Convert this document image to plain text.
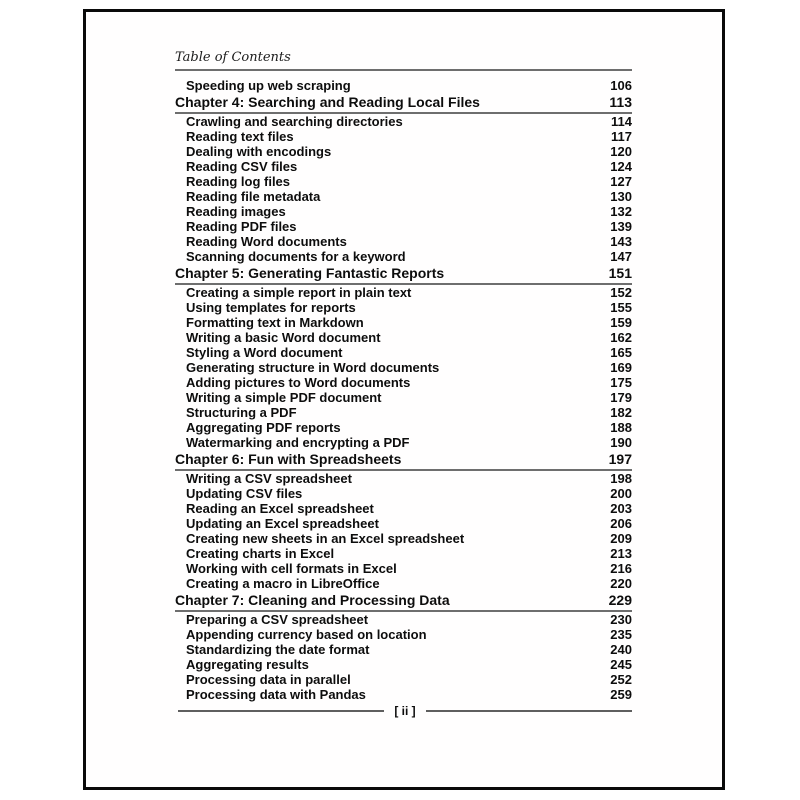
Table of Contents
Speeding up web scraping	106
Chapter 4: Searching and Reading Local Files	113
Crawling and searching directories	114
Reading text files	117
Dealing with encodings	120
Reading CSV files	124
Reading log files	127
Reading file metadata	130
Reading images	132
Reading PDF files	139
Reading Word documents	143
Scanning documents for a keyword	147
Chapter 5: Generating Fantastic Reports	151
Creating a simple report in plain text	152
Using templates for reports	155
Formatting text in Markdown	159
Writing a basic Word document	162
Styling a Word document	165
Generating structure in Word documents	169
Adding pictures to Word documents	175
Writing a simple PDF document	179
Structuring a PDF	182
Aggregating PDF reports	188
Watermarking and encrypting a PDF	190
Chapter 6: Fun with Spreadsheets	197
Writing a CSV spreadsheet	198
Updating CSV files	200
Reading an Excel spreadsheet	203
Updating an Excel spreadsheet	206
Creating new sheets in an Excel spreadsheet	209
Creating charts in Excel	213
Working with cell formats in Excel	216
Creating a macro in LibreOffice	220
Chapter 7: Cleaning and Processing Data	229
Preparing a CSV spreadsheet	230
Appending currency based on location	235
Standardizing the date format	240
Aggregating results	245
Processing data in parallel	252
Processing data with Pandas	259
[ ii ]
